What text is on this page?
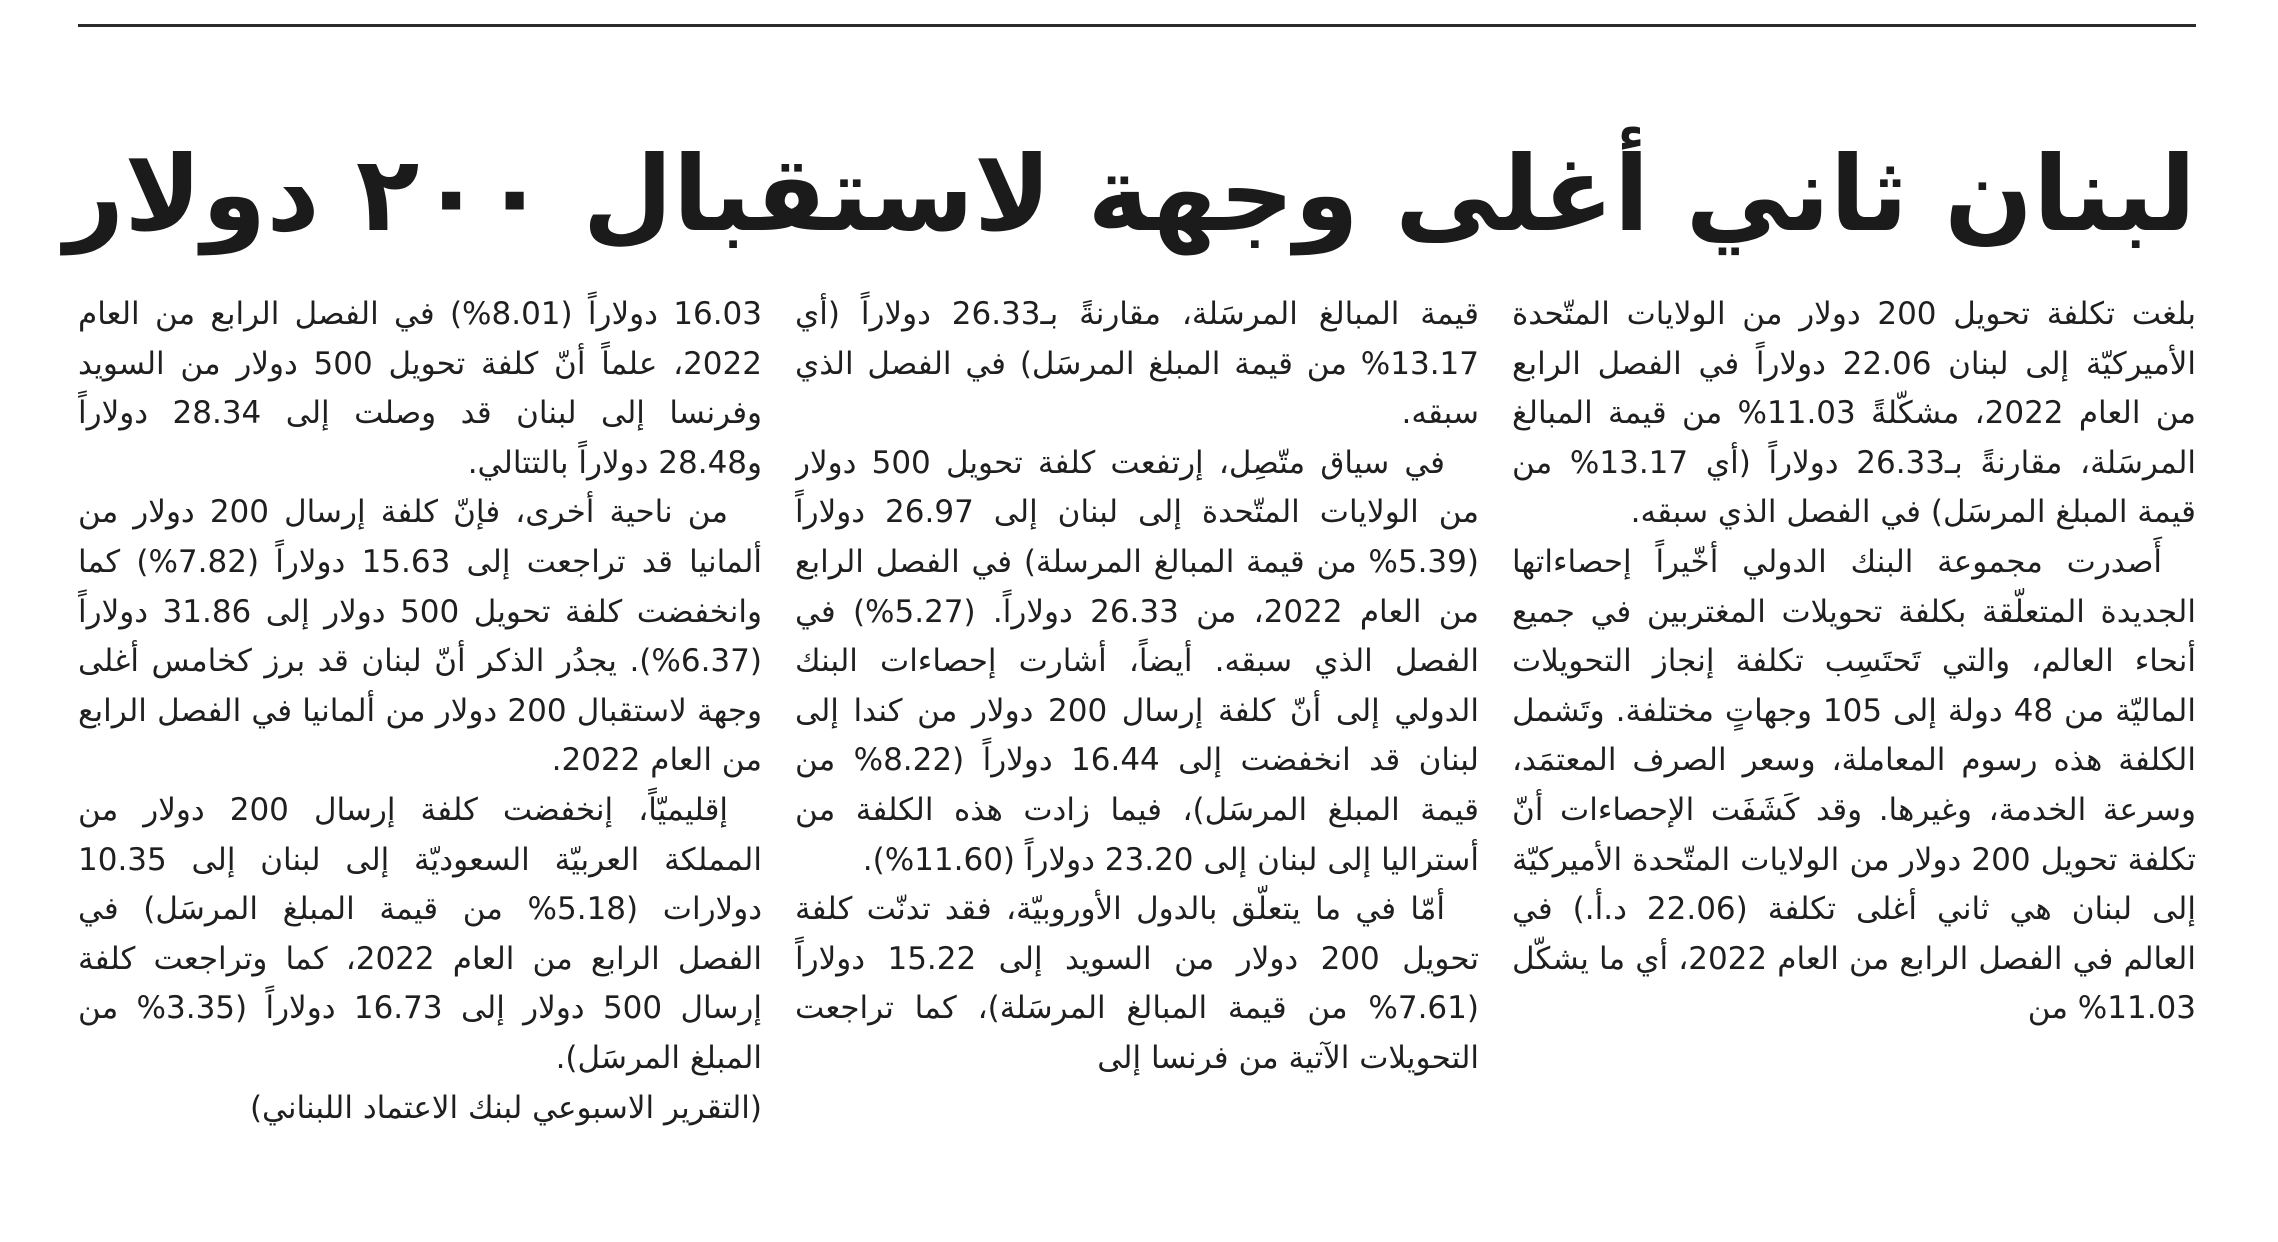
لبنان ثاني أغلى وجهة لاستقبال ٢٠٠ دولار

بلغت تكلفة تحويل 200 دولار من الولايات المتّحدة الأميركيّة إلى لبنان 22.06 دولاراً في الفصل الرابع من العام 2022، مشكّلةً 11.03% من قيمة المبالغ المرسَلة، مقارنةً بـ26.33 دولاراً (أي 13.17% من قيمة المبلغ المرسَل) في الفصل الذي سبقه.

أَصدرت مجموعة البنك الدولي أخّيراً إحصاءاتها الجديدة المتعلّقة بكلفة تحويلات المغتربين في جميع أنحاء العالم، والتي تَحتَسِب تكلفة إنجاز التحويلات الماليّة من 48 دولة إلى 105 وجهاتٍ مختلفة. وتَشمل الكلفة هذه رسوم المعاملة، وسعر الصرف المعتمَد، وسرعة الخدمة، وغيرها. وقد كَشَفَت الإحصاءات أنّ تكلفة تحويل 200 دولار من الولايات المتّحدة الأميركيّة إلى لبنان هي ثاني أغلى تكلفة (22.06 د.أ.) في العالم في الفصل الرابع من العام 2022، أي ما يشكّل 11.03% من

قيمة المبالغ المرسَلة، مقارنةً بـ26.33 دولاراً (أي 13.17% من قيمة المبلغ المرسَل) في الفصل الذي سبقه.

في سياق متّصِل، إرتفعت كلفة تحويل 500 دولار من الولايات المتّحدة إلى لبنان إلى 26.97 دولاراً (5.39% من قيمة المبالغ المرسلة) في الفصل الرابع من العام 2022، من 26.33 دولاراً. (5.27%) في الفصل الذي سبقه. أيضاً، أشارت إحصاءات البنك الدولي إلى أنّ كلفة إرسال 200 دولار من كندا إلى لبنان قد انخفضت إلى 16.44 دولاراً (8.22% من قيمة المبلغ المرسَل)، فيما زادت هذه الكلفة من أستراليا إلى لبنان إلى 23.20 دولاراً (11.60%).

أمّا في ما يتعلّق بالدول الأوروبيّة، فقد تدنّت كلفة تحويل 200 دولار من السويد إلى 15.22 دولاراً (7.61% من قيمة المبالغ المرسَلة)، كما تراجعت التحويلات الآتية من فرنسا إلى

16.03 دولاراً (8.01%) في الفصل الرابع من العام 2022، علماً أنّ كلفة تحويل 500 دولار من السويد وفرنسا إلى لبنان قد وصلت إلى 28.34 دولاراً و28.48 دولاراً بالتتالي.

من ناحية أخرى، فإنّ كلفة إرسال 200 دولار من ألمانيا قد تراجعت إلى 15.63 دولاراً (7.82%) كما وانخفضت كلفة تحويل 500 دولار إلى 31.86 دولاراً (6.37%). يجدُر الذكر أنّ لبنان قد برز كخامس أغلى وجهة لاستقبال 200 دولار من ألمانيا في الفصل الرابع من العام 2022.

إقليميّاً، إنخفضت كلفة إرسال 200 دولار من المملكة العربيّة السعوديّة إلى لبنان إلى 10.35 دولارات (5.18% من قيمة المبلغ المرسَل) في الفصل الرابع من العام 2022، كما وتراجعت كلفة إرسال 500 دولار إلى 16.73 دولاراً (3.35% من المبلغ المرسَل).

(التقرير الاسبوعي لبنك الاعتماد اللبناني)
